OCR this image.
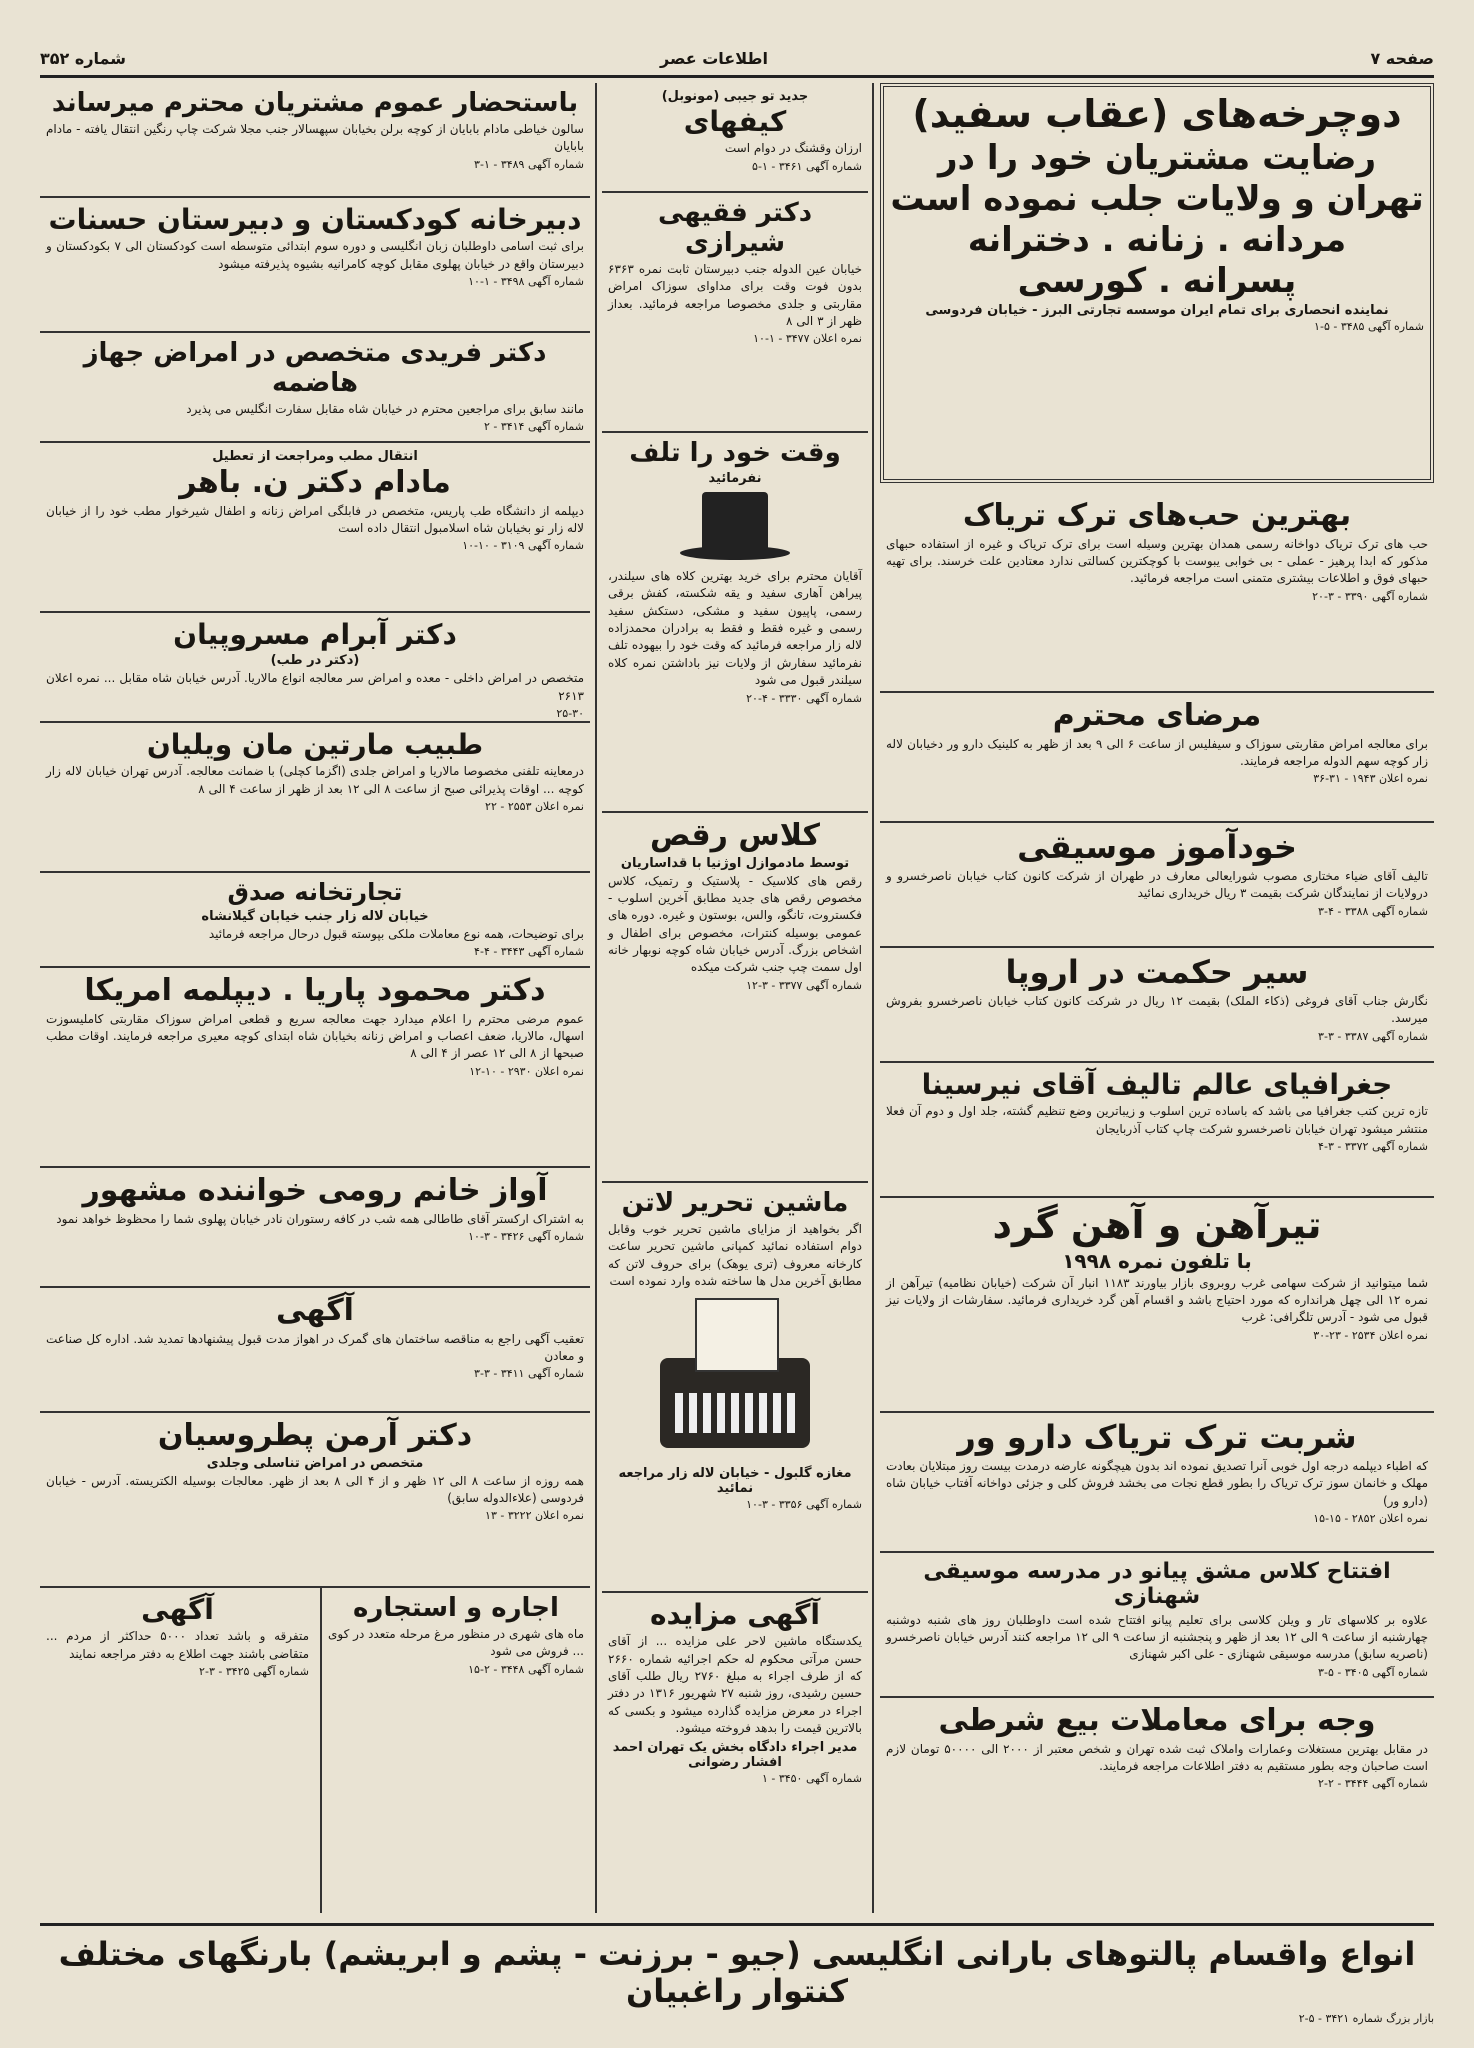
صفحه ۷
اطلاعات عصر
شماره ۳۵۲
دوچرخه‌های (عقاب سفید)
رضایت مشتریان خود را در
تهران و ولایات جلب نموده است
مردانه . زنانه . دخترانه
پسرانه . کورسی
نماینده انحصاری برای تمام ایران موسسه تجارتی البرز - خیابان فردوسی
شماره آگهی ۳۴۸۵ - ۵-۱
بهترین حب‌های ترک تریاک
حب های ترک تریاک دواخانه رسمی همدان بهترین وسیله است برای ترک تریاک و غیره از استفاده حبهای مذکور که ابدا پرهیز - عملی - بی خوابی یبوست با کوچکترین کسالتی ندارد معتادین علت خرسند. برای تهیه حبهای فوق و اطلاعات بیشتری متمنی است مراجعه فرمائید.
شماره آگهی ۳۳۹۰ - ۳-۲۰
مرضای محترم
برای معالجه امراض مقاربتی سوزاک و سیفلیس از ساعت ۶ الی ۹ بعد از ظهر به کلینیک دارو ور دخیابان لاله زار کوچه سهم الدوله مراجعه فرمایند.
نمره اعلان ۱۹۴۳ - ۳۱-۳۶
خودآموز موسیقی
تالیف آقای ضیاء مختاری مصوب شورایعالی معارف در طهران از شرکت کانون کتاب خیابان ناصرخسرو و درولایات از نمایندگان شرکت بقیمت ۳ ریال خریداری نمائید
شماره آگهی ۳۳۸۸ - ۴-۳
سیر حکمت در اروپا
نگارش جناب آقای فروغی (ذکاء الملک) بقیمت ۱۲ ریال در شرکت کانون کتاب خیابان ناصرخسرو بفروش میرسد.
شماره آگهی ۳۳۸۷ - ۳-۳
جغرافیای عالم تالیف آقای نیرسینا
تازه ترین کتب جغرافیا می باشد که باساده ترین اسلوب و زیباترین وضع تنظیم گشته، جلد اول و دوم آن فعلا منتشر میشود تهران خیابان ناصرخسرو شرکت چاپ کتاب آذربایجان
شماره آگهی ۳۳۷۲ - ۳-۴
تیرآهن و آهن گرد
با تلفون نمره ۱۹۹۸
شما میتوانید از شرکت سهامی غرب روبروی بازار بیاورند ۱۱۸۳ انبار آن شرکت (خیابان نظامیه) تیرآهن از نمره ۱۲ الی چهل هرانداره که مورد احتیاج باشد و اقسام آهن گرد خریداری فرمائید. سفارشات از ولایات نیز قبول می شود - آدرس تلگرافی: غرب
نمره اعلان ۲۵۳۴ - ۲۳-۳۰
شربت ترک تریاک دارو ور
که اطباء دیپلمه درجه اول خوبی آنرا تصدیق نموده اند بدون هیچگونه عارضه درمدت بیست روز مبتلایان بعادت مهلک و خانمان سوز ترک تریاک را بطور قطع نجات می بخشد فروش کلی و جزئی دواخانه آفتاب خیابان شاه (دارو ور)
نمره اعلان ۲۸۵۲ - ۱۵-۱۵
افتتاح کلاس مشق پیانو در مدرسه موسیقی شهنازی
علاوه بر کلاسهای تار و ویلن کلاسی برای تعلیم پیانو افتتاح شده است داوطلبان روز های شنبه دوشنبه چهارشنبه از ساعت ۹ الی ۱۲ بعد از ظهر و پنجشنبه از ساعت ۹ الی ۱۲ مراجعه کنند آدرس خیابان ناصرخسرو (ناصریه سابق) مدرسه موسیقی شهنازی - علی اکبر شهنازی
شماره آگهی ۳۴۰۵ - ۵-۳
وجه برای معاملات بیع شرطی
در مقابل بهترین مستغلات وعمارات واملاک ثبت شده تهران و شخص معتبر از ۲۰۰۰ الی ۵۰۰۰۰ تومان لازم است صاحبان وجه بطور مستقیم به دفتر اطلاعات مراجعه فرمایند.
شماره آگهی ۳۴۴۴ - ۲-۲
جدید تو جیبی (مونوبل)
کیفهای
ارزان وقشنگ در دوام است
شماره آگهی ۳۴۶۱ - ۱-۵
دکتر فقیهی شیرازی
خیابان عین الدوله جنب دبیرستان ثابت نمره ۶۳۶۳ بدون فوت وقت برای مداوای سوزاک امراض مقاربتی و جلدی مخصوصا مراجعه فرمائید. بعداز ظهر از ۳ الی ۸
نمره اعلان ۳۴۷۷ - ۱-۱۰
وقت خود را تلف
نفرمائید
آقایان محترم برای خرید بهترین کلاه های سیلندر، پیراهن آهاری سفید و یقه شکسته، کفش برقی رسمی، پاپیون سفید و مشکی، دستکش سفید رسمی و غیره فقط و فقط به برادران محمدزاده لاله زار مراجعه فرمائید که وقت خود را بیهوده تلف نفرمائید سفارش از ولایات نیز باداشتن نمره کلاه سیلندر قبول می شود
شماره آگهی ۳۳۳۰ - ۴-۲۰
کلاس رقص
توسط مادموازل اوژنیا با قداساریان
رقص های کلاسیک - پلاستیک و رتمیک، کلاس مخصوص رقص های جدید مطابق آخرین اسلوب - فکستروت، تانگو، والس، بوستون و غیره. دوره های عمومی بوسیله کنترات، مخصوص برای اطفال و اشخاص بزرگ. آدرس خیابان شاه کوچه نوبهار خانه اول سمت چپ جنب شرکت میکده
شماره آگهی ۳۳۷۷ - ۳-۱۲
ماشین تحریر لاتن
اگر بخواهید از مزایای ماشین تحریر خوب وقابل دوام استفاده نمائید کمپانی ماشین تحریر ساعت کارخانه معروف (تری یوهک) برای حروف لاتن که مطابق آخرین مدل ها ساخته شده وارد نموده است
مغازه گلبول - خیابان لاله زار مراجعه نمائید
شماره آگهی ۳۳۵۶ - ۳-۱۰
آگهی مزایده
یکدستگاه ماشین لاحر علی مزایده ... از آقای حسن مرآتی محکوم له حکم اجرائیه شماره ۲۶۶۰ که از طرف اجراء به مبلغ ۲۷۶۰ ریال طلب آقای حسین رشیدی، روز شنبه ۲۷ شهریور ۱۳۱۶ در دفتر اجراء در معرض مزایده گذارده میشود و بکسی که بالاترین قیمت را بدهد فروخته میشود.
مدیر اجراء دادگاه بخش یک تهران احمد افشار رضوانی
شماره آگهی ۳۴۵۰ - ۱
باستحضار عموم مشتریان محترم میرساند
سالون خیاطی مادام بابایان از کوچه برلن بخیابان سپهسالار جنب مجلا شرکت چاپ رنگین انتقال یافته - مادام بابایان
شماره آگهی ۳۴۸۹ - ۱-۳
دبیرخانه کودکستان و دبیرستان حسنات
برای ثبت اسامی داوطلبان زبان انگلیسی و دوره سوم ابتدائی متوسطه است کودکستان الی ۷ بکودکستان و دبیرستان واقع در خیابان پهلوی مقابل کوچه کامرانیه بشیوه پذیرفته میشود
شماره آگهی ۳۴۹۸ - ۱-۱۰
دکتر فریدی متخصص در امراض جهاز هاضمه
مانند سابق برای مراجعین محترم در خیابان شاه مقابل سفارت انگلیس می پذیرد
شماره آگهی ۳۴۱۴ - ۲
انتقال مطب ومراجعت از تعطیل
مادام دکتر ن. باهر
دیپلمه از دانشگاه طب پاریس، متخصص در فابلگی امراض زنانه و اطفال شیرخوار مطب خود را از خیابان لاله زار نو بخیابان شاه اسلامبول انتقال داده است
شماره آگهی ۳۱۰۹ - ۱۰-۱۰
دکتر آبرام مسروپیان
(دکتر در طب)
متخصص در امراض داخلی - معده و امراض سر معالجه انواع مالاریا. آدرس خیابان شاه مقابل ... نمره اعلان ۲۶۱۳
۲۵-۳۰
طبیب مارتین مان ویلیان
درمعاینه تلفنی مخصوصا مالاریا و امراض جلدی (اگزما کچلی) با ضمانت معالجه. آدرس تهران خیابان لاله زار کوچه ... اوقات پذیرائی صبح از ساعت ۸ الی ۱۲ بعد از ظهر از ساعت ۴ الی ۸
نمره اعلان ۲۵۵۳ - ۲۲
تجارتخانه صدق
خیابان لاله زار جنب خیابان گیلانشاه
برای توضیحات، همه نوع معاملات ملکی بپوسته قبول درحال مراجعه فرمائید
شماره آگهی ۳۴۴۳ - ۴-۴
دکتر محمود پاریا . دیپلمه امریکا
عموم مرضی محترم را اعلام میدارد جهت معالجه سریع و قطعی امراض سوزاک مقاربتی کاملیسوزت اسهال، مالاریا، ضعف اعصاب و امراض زنانه بخیابان شاه ابتدای کوچه معیری مراجعه فرمایند. اوقات مطب صبحها از ۸ الی ۱۲ عصر از ۴ الی ۸
نمره اعلان ۲۹۳۰ - ۱۰-۱۲
آواز خانم رومی خواننده مشهور
به اشتراک ارکستر آقای طاطالی همه شب در کافه رستوران نادر خیابان پهلوی شما را محظوظ خواهد نمود
شماره آگهی ۳۴۲۶ - ۳-۱۰
آگهی
تعقیب آگهی راجع به مناقصه ساختمان های گمرک در اهواز مدت قبول پیشنهادها تمدید شد. اداره کل صناعت و معادن
شماره آگهی ۳۴۱۱ - ۳-۳
دکتر آرمن پطروسیان
متخصص در امراض تناسلی وجلدی
همه روزه از ساعت ۸ الی ۱۲ ظهر و از ۴ الی ۸ بعد از ظهر. معالجات بوسیله الکتریسته. آدرس - خیابان فردوسی (علاءالدوله سابق)
نمره اعلان ۳۲۲۲ - ۱۳
اجاره و استجاره
ماه های شهری در منظور مرغ مرحله متعدد در کوی ... فروش می شود
شماره آگهی ۳۴۴۸ - ۲-۱۵
آگهی
متفرقه و باشد تعداد ۵۰۰۰ حداکثر از مردم ... متقاضی باشند جهت اطلاع به دفتر مراجعه نمایند
شماره آگهی ۳۴۲۵ - ۳-۲
انواع واقسام پالتوهای بارانی انگلیسی (جیو - برزنت - پشم و ابریشم) بارنگهای مختلف کنتوار راغبیان
بازار بزرگ شماره ۳۴۲۱ - ۵-۲
